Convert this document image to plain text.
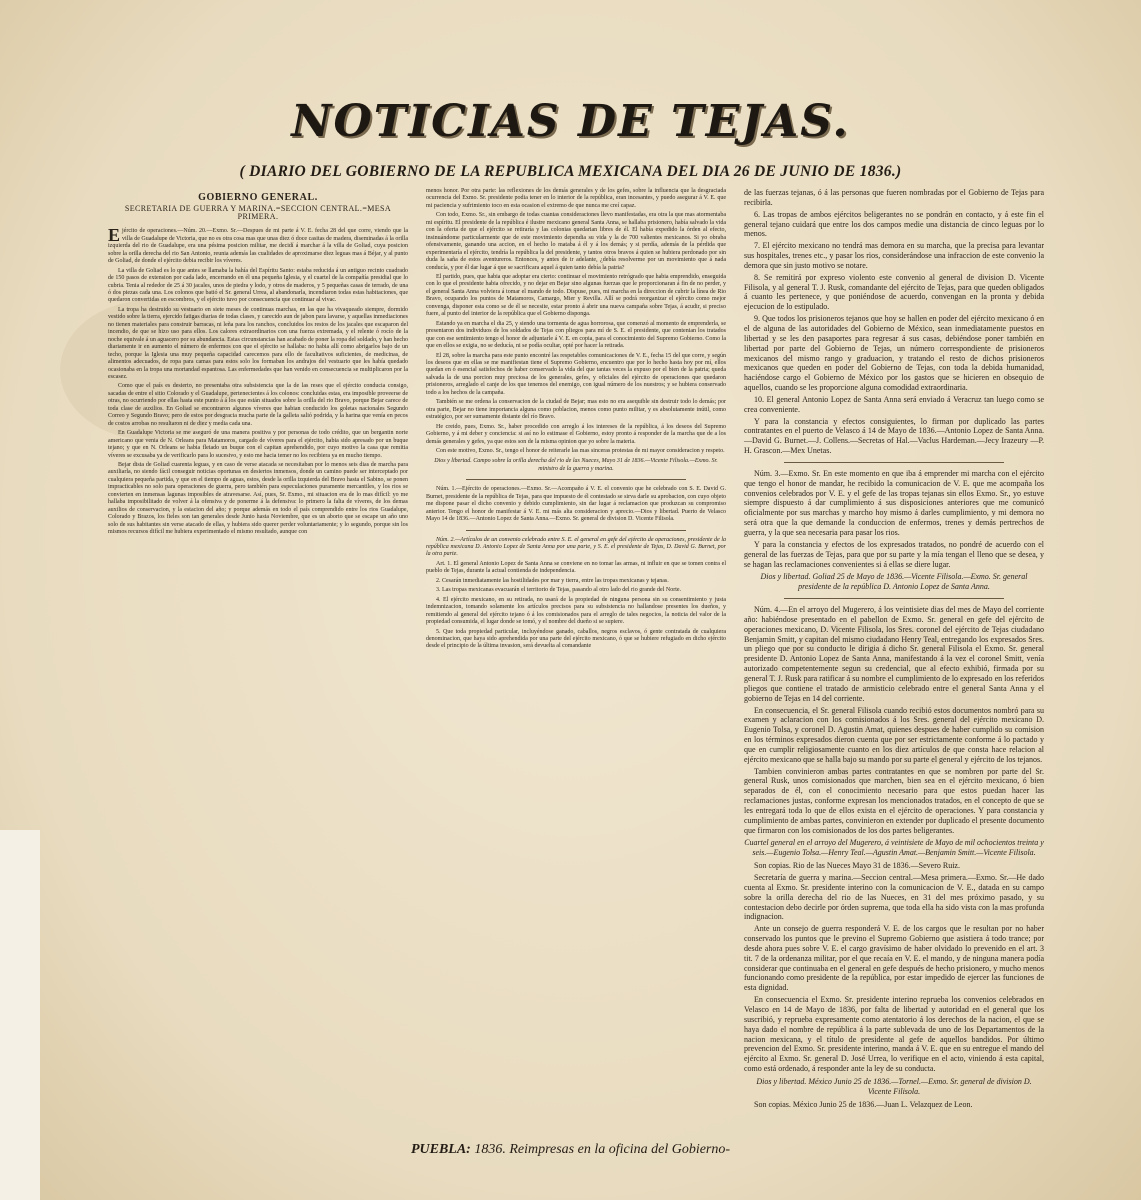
NOTICIAS DE TEJAS.
( DIARIO DEL GOBIERNO DE LA REPUBLICA MEXICANA DEL DIA 26 DE JUNIO DE 1836.)
GOBIERNO GENERAL.
SECRETARIA DE GUERRA Y MARINA.=SECCION CENTRAL.=MESA PRIMERA.

Ejército de operaciones.—Núm. 20.—Exmo. Sr.—Despues de mi parte á V. E. fecha 28 del que corre, viendo que la villa de Guadalupe de Victoria, que no es otra cosa mas que unas diez ó doce casitas de madera, diseminadas á la orilla izquierda del rio de Guadalupe, era una pésima posicion militar, me decidí á marchar á la villa de Goliad, cuya posicion sobre la orilla derecha del rio San Antonio, reunia además las cualidades de aproximarse diez leguas mas á Béjar, y al punto de Goliad, de donde el ejército debia recibir los víveres.

La villa de Goliad es lo que antes se llamaba la bahía del Espíritu Santo: estaba reducida á un antiguo recinto cuadrado de 150 pasos de extension por cada lado, encerrando en él una pequeña Iglesia, y el cuartel de la compañía presidial que lo cubria. Tenia al rededor de 25 á 30 jacales, unos de piedra y lodo, y otros de maderos, y 5 pequeñas casas de terrado, de una ó dos piezas cada una. Los colonos que batió el Sr. general Urrea, al abandonarla, incendiaron todas estas habitaciones, que quedaron convertidas en escombros, y el ejército tuvo por consecuencia que continuar al vivac.

La tropa ha destruido su vestuario en siete meses de continuas marchas, en las que ha vivaqueado siempre, dormido vestido sobre la tierra, ejercido fatigas diarias de todas clases, y carecido aun de jabon para lavarse, y aquellas inmediaciones no tienen materiales para construir barracas, ni leña para los ranchos, concluidos los restos de los jacales que escaparon del incendio, de que se hizo uso para ellos. Los calores extraordinarios con una fuerza extremada, y el relente ó rocío de la noche equivale á un aguacero por su abundancia. Estas circunstancias han acabado de poner la ropa del soldado, y han hecho diariamente ir en aumento el número de enfermos con que el ejército se hallaba: no habia allí como abrigarlos bajo de un techo, porque la Iglesia una muy pequeña capacidad carecemos para ello de facultativos suficientes, de medicinas, de alimentos adecuados, de ropa para camas para estos solo los formaban los andrajos del vestuario que les había quedado ocasionaba en la tropa una mortandad espantosa. Las enfermedades que han venido en consecuencia se multiplicaron por la escasez.

Como que el país es desierto, no presentaba otra subsistencia que la de las reses que el ejército conducia consigo, sacadas de entre el sitio Colorado y el Guadalupe, pertenecientes á los colonos: concluidas estas, era imposible proveerse de otras, no ocurriendo por ellas hasta este punto á á los que están situados sobre la orilla del rio Bravo, porque Bejar carece de toda clase de auxilios. En Goliad se encontraron algunos víveres que habian conducido los goletas nacionales Segundo Correo y Segundo Bravo; pero de estos por desgracia mucha parte de la galleta salió podrida, y la harina que venía en pecos de costos arrobas no resultaron ni de diez y media cada una.

En Guadalupe Victoria se me aseguró de una manera positiva y por personas de todo crédito, que un bergantin norte americano que venia de N. Orleans para Matamoros, cargado de víveres para el ejército, habia sido apresado por un buque tejano; y que en N. Orleans se habia fletado un buque con el capitan aprehendido, por cuyo motivo la casa que remitia víveres se excusaba ya de verificarlo para lo sucesivo, y esto me hacia temer no los recibiera ya en mucho tiempo.

Bejar dista de Goliad cuarenta leguas, y en caso de verse atacada se necesitaban por lo menos seis dias de marcha para auxiliarla, no siendo fácil conseguir noticias oportunas en desiertos inmensos, donde un camino puede ser interceptado por cualquiera pequeña partida, y que en el tiempo de aguas, estos, desde la orilla izquierda del Bravo hasta el Sabino, se ponen impracticables no solo para operaciones de guerra, pero también para especulaciones puramente mercantiles, y los rios se convierten en inmensas lagunas imposibles de atravesarse. Así, pues, Sr. Exmo., mi situacion era de lo mas difícil: yo me hallaba imposibilitado de volver á la ofensiva y de ponerme á la defensiva: lo primero la falta de víveres, de los demas auxilios de conservacion, y la estacion del año; y porque además en todo el país comprendido entre los rios Guadalupe, Colorado y Brazos, los fieles son tan generales desde Junio hasta Noviembre, que es un aborto que se escape un año uno solo de sus habitantes sin verse atacado de ellas, y hubiera sido querer perder voluntariamente; y lo segundo, porque sin los mismos recursos difícil me hubiera experimentado el mismo resultado, aunque con

menos honor. Por otra parte: las reflexiones de los demás generales y de los gefes, sobre la influencia que la desgraciada ocurrencia del Exmo. Sr. presidente podia tener en lo interior de la república, eran incesantes, y puedo asegurar á V. E. que mi paciencia y sufrimiento toco en esta ocasion el extremo de que nunca me creí capaz.

Con todo, Exmo. Sr., sin embargo de todas cuantas consideraciones llevo manifestadas, era otra la que mas atormentaba mi espíritu. El presidente de la república é ilustre mexicano general Santa Anna, se hallaba prisionero, había salvado la vida con la oferta de que el ejército se retiraría y las colonias quedarian libres de él. El había expedido la órden al efecto, insinuándome particularmente que de este movimiento dependia su vida y la de 700 valientes mexicanos. Si yo obraba ofensivamente, ganando una accion, en el hecho lo mataba á él y á los demás; y si perdía, además de la pérdida que experimentaría el ejército, tendría la república la del presidente, y tantos otros bravos á quien se hubiera perdonado por sin duda la saña de estos aventureros. Entonces, y antes de ir adelante, ¿debía resolverme por un movimiento que á nada conducía, y por él dar lugar á que se sacrificara aquel á quien tanto debía la patria?

El partido, pues, que habia que adoptar era cierto: continuar el movimiento retrógrado que habia emprendido, enseguida con lo que el presidente habia ofrecido, y no dejar en Bejar sino algunas fuerzas que le proporcionaran á fin de no perder, y el general Santa Anna volviera á tomar el mando de todo. Dispuse, pues, mi marcha en la direccion de cubrir la línea de Rio Bravo, ocupando los puntos de Matamoros, Camargo, Mier y Revilla. Allí se podrá reorganizar el ejército como mejor convenga, disponer esta como se de él se necesite, estar pronto á abrir una nueva campaña sobre Tejas, á acudir, si preciso fuere, al punto del interior de la república que el Gobierno disponga.

Estando ya en marcha el dia 25, y siendo una tormenta de agua horrorosa, que comenzó al momento de emprenderla, se presentaron dos individuos de los soldados de Tejas con pliegos para mí de S. E. el presidente, que contenian los tratados que con ese sentimiento tengo el honor de adjuntarle á V. E. en copia, para el conocimiento del Supremo Gobierno. Como la que en ellos se exigia, no se deducía, ni se podía ocultar, opté por hacer la retirada.

El 28, sobre la marcha para este punto encontré las respetables comunicaciones de V. E., fecha 15 del que corre, y según los deseos que en ellas se me manifiestan tiene el Supremo Gobierno, encuentro que por lo hecho hasta hoy por mí, ellos quedan en ó esencial satisfechos de haber conservado la vida del que tantas veces la expuso por el bien de la patria; queda salvada la de una porcion muy preciosa de los generales, gefes, y oficiales del ejército de operaciones que quedaron prisioneros, arreglado el canje de los que tenemos del enemigo, con igual número de los nuestros; y se hubiera conservado todo a los hechos de la campaña.

También se me ordena la conservacion de la ciudad de Bejar; mas esto no era asequible sin destruir todo lo demás; por otra parte, Bejar no tiene importancia alguna como poblacion, menos como punto militar, y es absolutamente inútil, como estratégico, por ser sumamente distante del río Bravo.

He creido, pues, Exmo. Sr., haber procedido con arreglo á los intereses de la república, á los deseos del Supremo Gobierno, y á mi deber y conciencia: si así no lo estimase el Gobierno, estoy pronto á responder de la marcha que de a los demás generales y gefes, ya que estos son de la misma opinion que yo sobre la materia.

Con este motivo, Exmo. Sr., tengo el honor de reiterarle las mas sinceras protestas de mi mayor consideracion y respeto.

Dios y libertad. Campo sobre la orilla derecha del rio de las Nueces, Mayo 31 de 1836.—Vicente Filisola.—Exmo. Sr. ministro de la guerra y marina.

Núm. 1.—Ejército de operaciones.—Exmo. Sr.—Acompaño á V. E. el convenio que he celebrado con S. E. David G. Burnet, presidente de la república de Tejas, para que impuesto de él contestado se sirva darle su aprobacion, con cuyo objeto me dispone pasar el dicho convenio y debido cumplimiento, sin dar lugar á reclamacion que produzcan su compromiso anterior. Tengo el honor de manifestar á V. E. mi más alta consideracion y aprecio.—Dios y libertad. Puerto de Velasco Mayo 14 de 1836.—Antonio Lopez de Santa Anna.—Exmo. Sr. general de division D. Vicente Filisola.

Núm. 2.—Artículos de un convenio celebrado entre S. E. el general en gefe del ejército de operaciones, presidente de la república mexicana D. Antonio Lopez de Santa Anna por una parte, y S. E. el presidente de Tejas, D. David G. Burnet, por la otra parte.

Art. 1. El general Antonio Lopez de Santa Anna se conviene en no tomar las armas, ni influir en que se tomen contra el pueblo de Tejas, durante la actual contienda de independencia.

2. Cesarán inmediatamente las hostilidades por mar y tierra, entre las tropas mexicanas y tejanas.

3. Las tropas mexicanas evacuarán el territorio de Tejas, pasando al otro lado del rio grande del Norte.

4. El ejército mexicano, en su retirada, no usará de la propiedad de ninguna persona sin su consentimiento y justa indemnizacion, tomando solamente los artículos precisos para su subsistencia no hallandose presentes los dueños, y remitiendo al general del ejército tejano ó á los comisionados para el arreglo de tales negocios, la noticia del valor de la propiedad consumida, el lugar donde se tomó, y el nombre del dueño si se supiere.

5. Que toda propiedad particular, incluyéndose ganado, caballos, negros esclavos, ó gente contratada de cualquiera denominacion, que haya sido aprehendida por una parte del ejército mexicano, ó que se hubiere refugiado en dicho ejército desde el principio de la última invasion, será devuelta al comandante

de las fuerzas tejanas, ó á las personas que fueren nombradas por el Gobierno de Tejas para recibirla.

6. Las tropas de ambos ejércitos beligerantes no se pondrán en contacto, y á este fin el general tejano cuidará que entre los dos campos medie una distancia de cinco leguas por lo menos.

7. El ejército mexicano no tendrá mas demora en su marcha, que la precisa para levantar sus hospitales, trenes etc., y pasar los rios, considerándose una infraccion de este convenio la demora que sin justo motivo se notare.

8. Se remitirá por expreso violento este convenio al general de division D. Vicente Filisola, y al general T. J. Rusk, comandante del ejército de Tejas, para que queden obligados á cuanto les pertenece, y que poniéndose de acuerdo, convengan en la pronta y debida ejecucion de lo estipulado.

9. Que todos los prisioneros tejanos que hoy se hallen en poder del ejército mexicano ó en el de alguna de las autoridades del Gobierno de México, sean inmediatamente puestos en libertad y se les den pasaportes para regresar á sus casas, debiéndose poner también en libertad por parte del Gobierno de Tejas, un número correspondiente de prisioneros mexicanos del mismo rango y graduacion, y tratando el resto de dichos prisioneros mexicanos que queden en poder del Gobierno de Tejas, con toda la debida humanidad, haciéndose cargo el Gobierno de México por los gastos que se hicieren en obsequio de aquellos, cuando se les proporcione alguna comodidad extraordinaria.

10. El general Antonio Lopez de Santa Anna será enviado á Veracruz tan luego como se crea conveniente.

Y para la constancia y efectos consiguientes, lo firman por duplicado las partes contratantes en el puerto de Velasco á 14 de Mayo de 1836.—Antonio Lopez de Santa Anna.—David G. Burnet.—J. Collens.—Secretas of Hal.—Vaclus Hardeman.—Jecy Irazeury —P. H. Grascon.—Mex Unetas.

Núm. 3.—Exmo. Sr. En este momento en que iba á emprender mi marcha con el ejército que tengo el honor de mandar, he recibido la comunicacion de V. E. que me acompaña los convenios celebrados por V. E. y el gefe de las tropas tejanas sin ellos Exmo. Sr., yo estuve siempre dispuesto á dar cumplimiento á sus disposiciones anteriores que me comunicó oficialmente por sus marchas y marcho hoy mismo á darles cumplimiento, y mi demora no será otra que la que demande la conduccion de enfermos, trenes y demás pertrechos de guerra, y la que sea necesaria para pasar los rios.

Y para la constancia y efectos de los expresados tratados, no pondré de acuerdo con el general de las fuerzas de Tejas, para que por su parte y la mía tengan el lleno que se desea, y se hagan las reclamaciones convenientes si á ellas se diere lugar.

Dios y libertad. Goliad 25 de Mayo de 1836.—Vicente Filisola.—Exmo. Sr. general presidente de la república D. Antonio Lopez de Santa Anna.

Núm. 4.—En el arroyo del Mugerero, á los veintisiete dias del mes de Mayo del corriente año: habiéndose presentado en el pabellon de Exmo. Sr. general en gefe del ejército de operaciones mexicano, D. Vicente Filisola, los Sres. coronel del ejército de Tejas ciudadano Benjamin Smitt, y capitan del mismo ciudadano Henry Teal, entregando los expresados Sres. un pliego que por su conducto le dirigia á dicho Sr. general Filisola el Exmo. Sr. general presidente D. Antonio Lopez de Santa Anna, manifestando á la vez el coronel Smitt, venía autorizado competentemente segun su credencial, que al efecto exhibió, firmada por su general T. J. Rusk para ratificar á su nombre el cumplimiento de lo expresado en los referidos pliegos que contiene el tratado de armisticio celebrado entre el general Santa Anna y el gobierno de Tejas en 14 del corriente.

En consecuencia, el Sr. general Filisola cuando recibió estos documentos nombró para su examen y aclaracion con los comisionados á los Sres. general del ejército mexicano D. Eugenio Tolsa, y coronel D. Agustin Amat, quienes despues de haber cumplido su comision en los términos expresados dieron cuenta que por ser estrictamente conforme á lo pactado y que en cumplir religiosamente cuanto en los diez artículos de que consta hace relacion al ejército mexicano que se halla bajo su mando por su parte el general y ejército de los tejanos.

Tambien convinieron ambas partes contratantes en que se nombren por parte del Sr. general Rusk, unos comisionados que marchen, bien sea en el ejército mexicano, ó bien separados de él, con el conocimiento necesario para que estos puedan hacer las reclamaciones justas, conforme expresan los mencionados tratados, en el concepto de que se les entregará toda lo que de ellos exista en el ejército de operaciones. Y para constancia y cumplimiento de ambas partes, convinieron en extender por duplicado el presente documento que firmaron con los comisionados de los dos partes beligerantes.

Cuartel general en el arroyo del Mugerero, á veintisiete de Mayo de mil ochocientos treinta y seis.—Eugenio Tolsa.—Henry Teal.—Agustin Amat.—Benjamin Smitt.—Vicente Filisola.

Son copias. Rio de las Nueces Mayo 31 de 1836.—Severo Ruiz.

Secretaría de guerra y marina.—Seccion central.—Mesa primera.—Exmo. Sr.—He dado cuenta al Exmo. Sr. presidente interino con la comunicacion de V. E., datada en su campo sobre la orilla derecha del rio de las Nueces, en 31 del mes próximo pasado, y su contestacion debo decirle por órden suprema, que toda ella ha sido vista con la mas profunda indignacion.

Ante un consejo de guerra responderá V. E. de los cargos que le resultan por no haber conservado los puntos que le previno el Supremo Gobierno que asistiera á todo trance; por desde ahora pues sobre V. E. el cargo gravísimo de haber olvidado lo prevenido en el art. 3 tit. 7 de la ordenanza militar, por el que recaía en V. E. el mando, y de ninguna manera podía considerar que continuaba en el general en gefe después de hecho prisionero, y mucho menos funcionando como presidente de la república, por estar impedido de ejercer las funciones de esta dignidad.

En consecuencia el Exmo. Sr. presidente interino reprueba los convenios celebrados en Velasco en 14 de Mayo de 1836, por falta de libertad y autoridad en el general que los suscribió, y reprueba expresamente como atentatorio á los derechos de la nacion, el que se haya dado el nombre de república á la parte sublevada de uno de los Departamentos de la nacion mexicana, y el título de presidente al gefe de aquellos bandidos. Por último prevencion del Exmo. Sr. presidente interino, manda á V. E. que en su entregue el mando del ejército al Exmo. Sr. general D. José Urrea, lo verifique en el acto, viniendo á esta capital, como está ordenado, á responder ante la ley de su conducta.

Dios y libertad. México Junio 25 de 1836.—Tornel.—Exmo. Sr. general de division D. Vicente Filisola.

Son copias. México Junio 25 de 1836.—Juan L. Velazquez de Leon.

PUEBLA: 1836. Reimpresas en la oficina del Gobierno-
